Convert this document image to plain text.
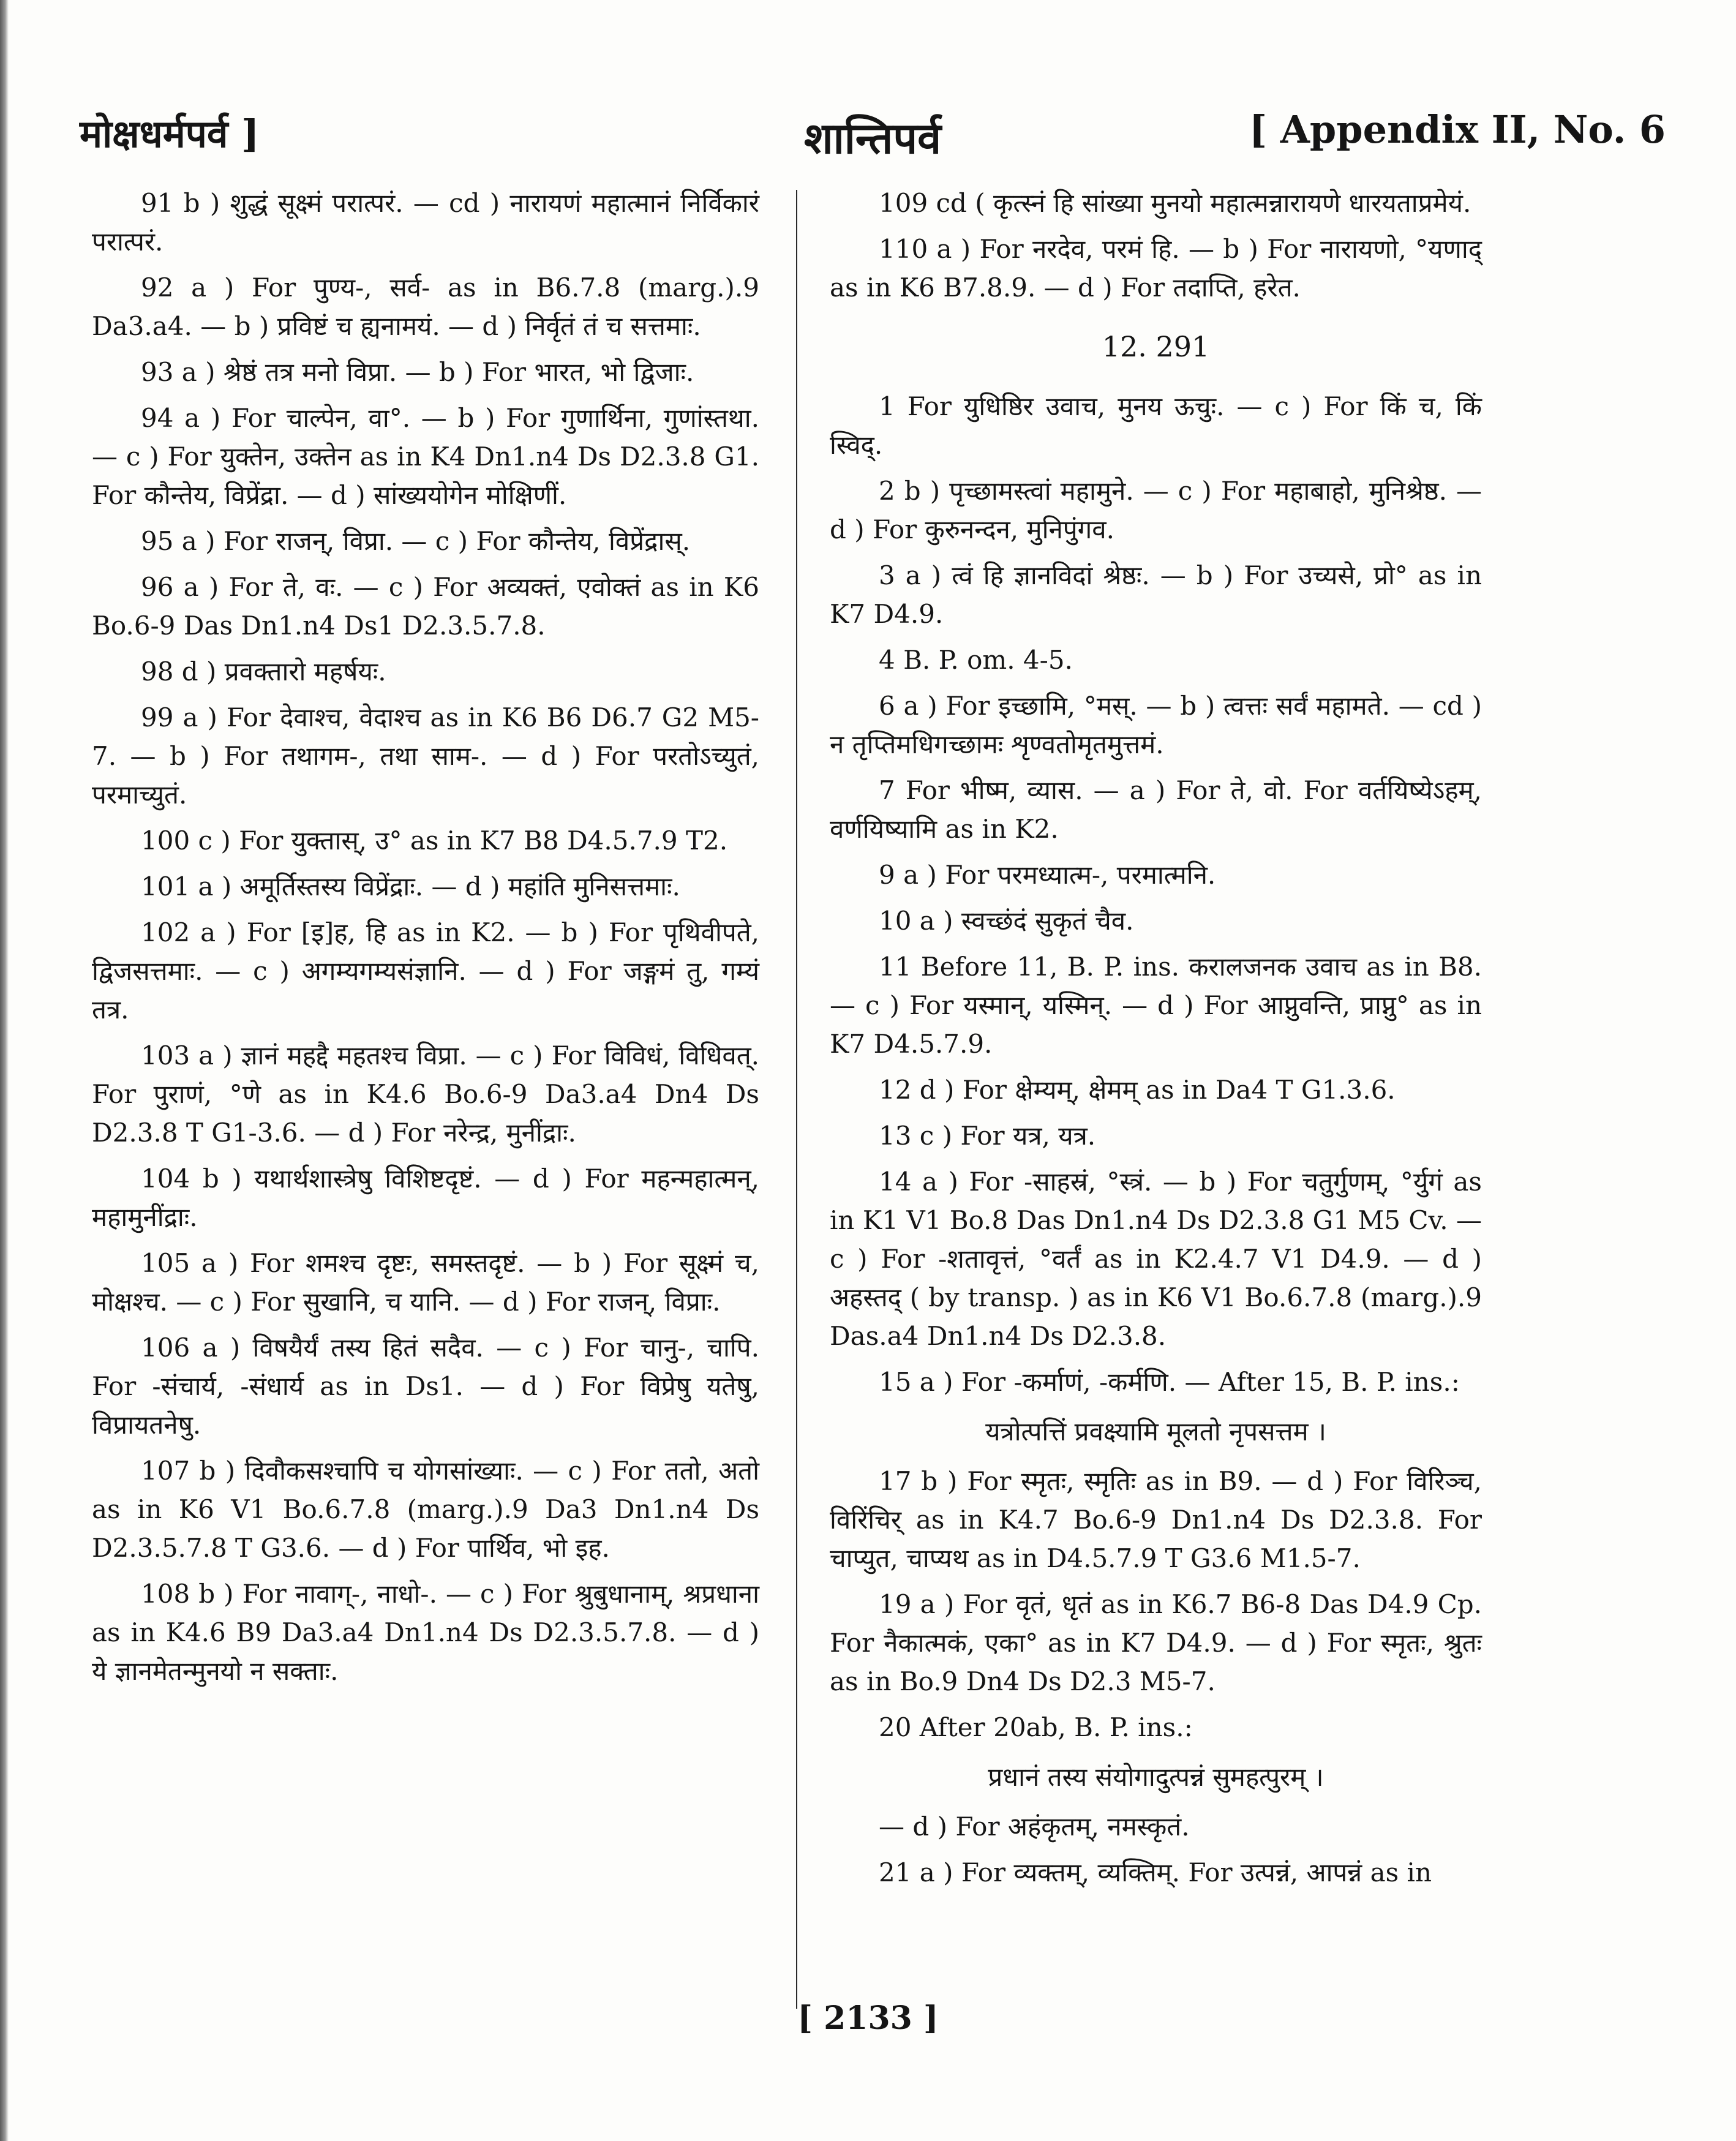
मोक्षधर्मपर्व ]	शान्तिपर्व	[ Appendix II, No. 6

91 b ) शुद्धं सूक्ष्मं परात्परं. — cd ) नारायणं महात्मानं निर्विकारं परात्परं.

92 a ) For पुण्य-, सर्व- as in B6.7.8 (marg.).9 Da3.a4. — b ) प्रविष्टं च ह्यनामयं. — d ) निर्वृतं तं च सत्तमाः.

93 a ) श्रेष्ठं तत्र मनो विप्रा. — b ) For भारत, भो द्विजाः.

94 a ) For चाल्पेन, वा°. — b ) For गुणार्थिना, गुणांस्तथा. — c ) For युक्तेन, उक्तेन as in K4 Dn1.n4 Ds D2.3.8 G1. For कौन्तेय, विप्रेंद्रा. — d ) सांख्ययोगेन मोक्षिणीं.

95 a ) For राजन्, विप्रा. — c ) For कौन्तेय, विप्रेंद्रास्.

96 a ) For ते, वः. — c ) For अव्यक्तं, एवोक्तं as in K6 Bo.6-9 Das Dn1.n4 Ds1 D2.3.5.7.8.

98 d ) प्रवक्तारो महर्षयः.

99 a ) For देवाश्च, वेदाश्च as in K6 B6 D6.7 G2 M5-7. — b ) For तथागम-, तथा साम-. — d ) For परतोऽच्युतं, परमाच्युतं.

100 c ) For युक्तास्, उ° as in K7 B8 D4.5.7.9 T2.

101 a ) अमूर्तिस्तस्य विप्रेंद्राः. — d ) महांति मुनिसत्तमाः.

102 a ) For [इ]ह, हि as in K2. — b ) For पृथिवीपते, द्विजसत्तमाः. — c ) अगम्यगम्यसंज्ञानि. — d ) For जङ्गमं तु, गम्यं तत्र.

103 a ) ज्ञानं महद्दै महतश्च विप्रा. — c ) For विविधं, विधिवत्. For पुराणं, °णे as in K4.6 Bo.6-9 Da3.a4 Dn4 Ds D2.3.8 T G1-3.6. — d ) For नरेन्द्र, मुनींद्राः.

104 b ) यथार्थशास्त्रेषु विशिष्टदृष्टं. — d ) For महन्महात्मन्, महामुनींद्राः.

105 a ) For शमश्च दृष्टः, समस्तदृष्टं. — b ) For सूक्ष्मं च, मोक्षश्च. — c ) For सुखानि, च यानि. — d ) For राजन्, विप्राः.

106 a ) विषयैर्यं तस्य हितं सदैव. — c ) For चानु-, चापि. For -संचार्य, -संधार्य as in Ds1. — d ) For विप्रेषु यतेषु, विप्रायतनेषु.

107 b ) दिवौकसश्चापि च योगसांख्याः. — c ) For ततो, अतो as in K6 V1 Bo.6.7.8 (marg.).9 Da3 Dn1.n4 Ds D2.3.5.7.8 T G3.6. — d ) For पार्थिव, भो इह.

108 b ) For नावाग्-, नाधो-. — c ) For श्रुबुधानाम्, श्रप्रधाना as in K4.6 B9 Da3.a4 Dn1.n4 Ds D2.3.5.7.8. — d ) ये ज्ञानमेतन्मुनयो न सक्ताः.

109 cd ( कृत्स्नं हि सांख्या मुनयो महात्मन्नारायणे धारयताप्रमेयं.

110 a ) For नरदेव, परमं हि. — b ) For नारायणो, °यणाद् as in K6 B7.8.9. — d ) For तदाप्ति, हरेत.

12. 291

1 For युधिष्ठिर उवाच, मुनय ऊचुः. — c ) For किं च, किं स्विद्.

2 b ) पृच्छामस्त्वां महामुने. — c ) For महाबाहो, मुनिश्रेष्ठ. — d ) For कुरुनन्दन, मुनिपुंगव.

3 a ) त्वं हि ज्ञानविदां श्रेष्ठः. — b ) For उच्यसे, प्रो° as in K7 D4.9.

4 B. P. om. 4-5.

6 a ) For इच्छामि, °मस्. — b ) त्वत्तः सर्वं महामते. — cd ) न तृप्तिमधिगच्छामः शृण्वतोमृतमुत्तमं.

7 For भीष्म, व्यास. — a ) For ते, वो. For वर्तयिष्येऽहम्, वर्णयिष्यामि as in K2.

9 a ) For परमध्यात्म-, परमात्मनि.

10 a ) स्वच्छंदं सुकृतं चैव.

11 Before 11, B. P. ins. करालजनक उवाच as in B8. — c ) For यस्मान्, यस्मिन्. — d ) For आप्नुवन्ति, प्राप्नु° as in K7 D4.5.7.9.

12 d ) For क्षेम्यम्, क्षेमम् as in Da4 T G1.3.6.

13 c ) For यत्र, यत्र.

14 a ) For -साहस्रं, °स्त्रं. — b ) For चतुर्गुणम्, °र्युगं as in K1 V1 Bo.8 Das Dn1.n4 Ds D2.3.8 G1 M5 Cv. — c ) For -शतावृत्तं, °वर्तं as in K2.4.7 V1 D4.9. — d ) अहस्तद् ( by transp. ) as in K6 V1 Bo.6.7.8 (marg.).9 Das.a4 Dn1.n4 Ds D2.3.8.

15 a ) For -कर्माणं, -कर्मणि. — After 15, B. P. ins.:

यत्रोत्पत्तिं प्रवक्ष्यामि मूलतो नृपसत्तम ।

17 b ) For स्मृतः, स्मृतिः as in B9. — d ) For विरिञ्च, विरिंचिर् as in K4.7 Bo.6-9 Dn1.n4 Ds D2.3.8. For चाप्युत, चाप्यथ as in D4.5.7.9 T G3.6 M1.5-7.

19 a ) For वृतं, धृतं as in K6.7 B6-8 Das D4.9 Cp. For नैकात्मकं, एका° as in K7 D4.9. — d ) For स्मृतः, श्रुतः as in Bo.9 Dn4 Ds D2.3 M5-7.

20 After 20ab, B. P. ins.:

प्रधानं तस्य संयोगादुत्पन्नं सुमहत्पुरम् ।

— d ) For अहंकृतम्, नमस्कृतं.

21 a ) For व्यक्तम्, व्यक्तिम्. For उत्पन्नं, आपन्नं as in

[ 2133 ]
